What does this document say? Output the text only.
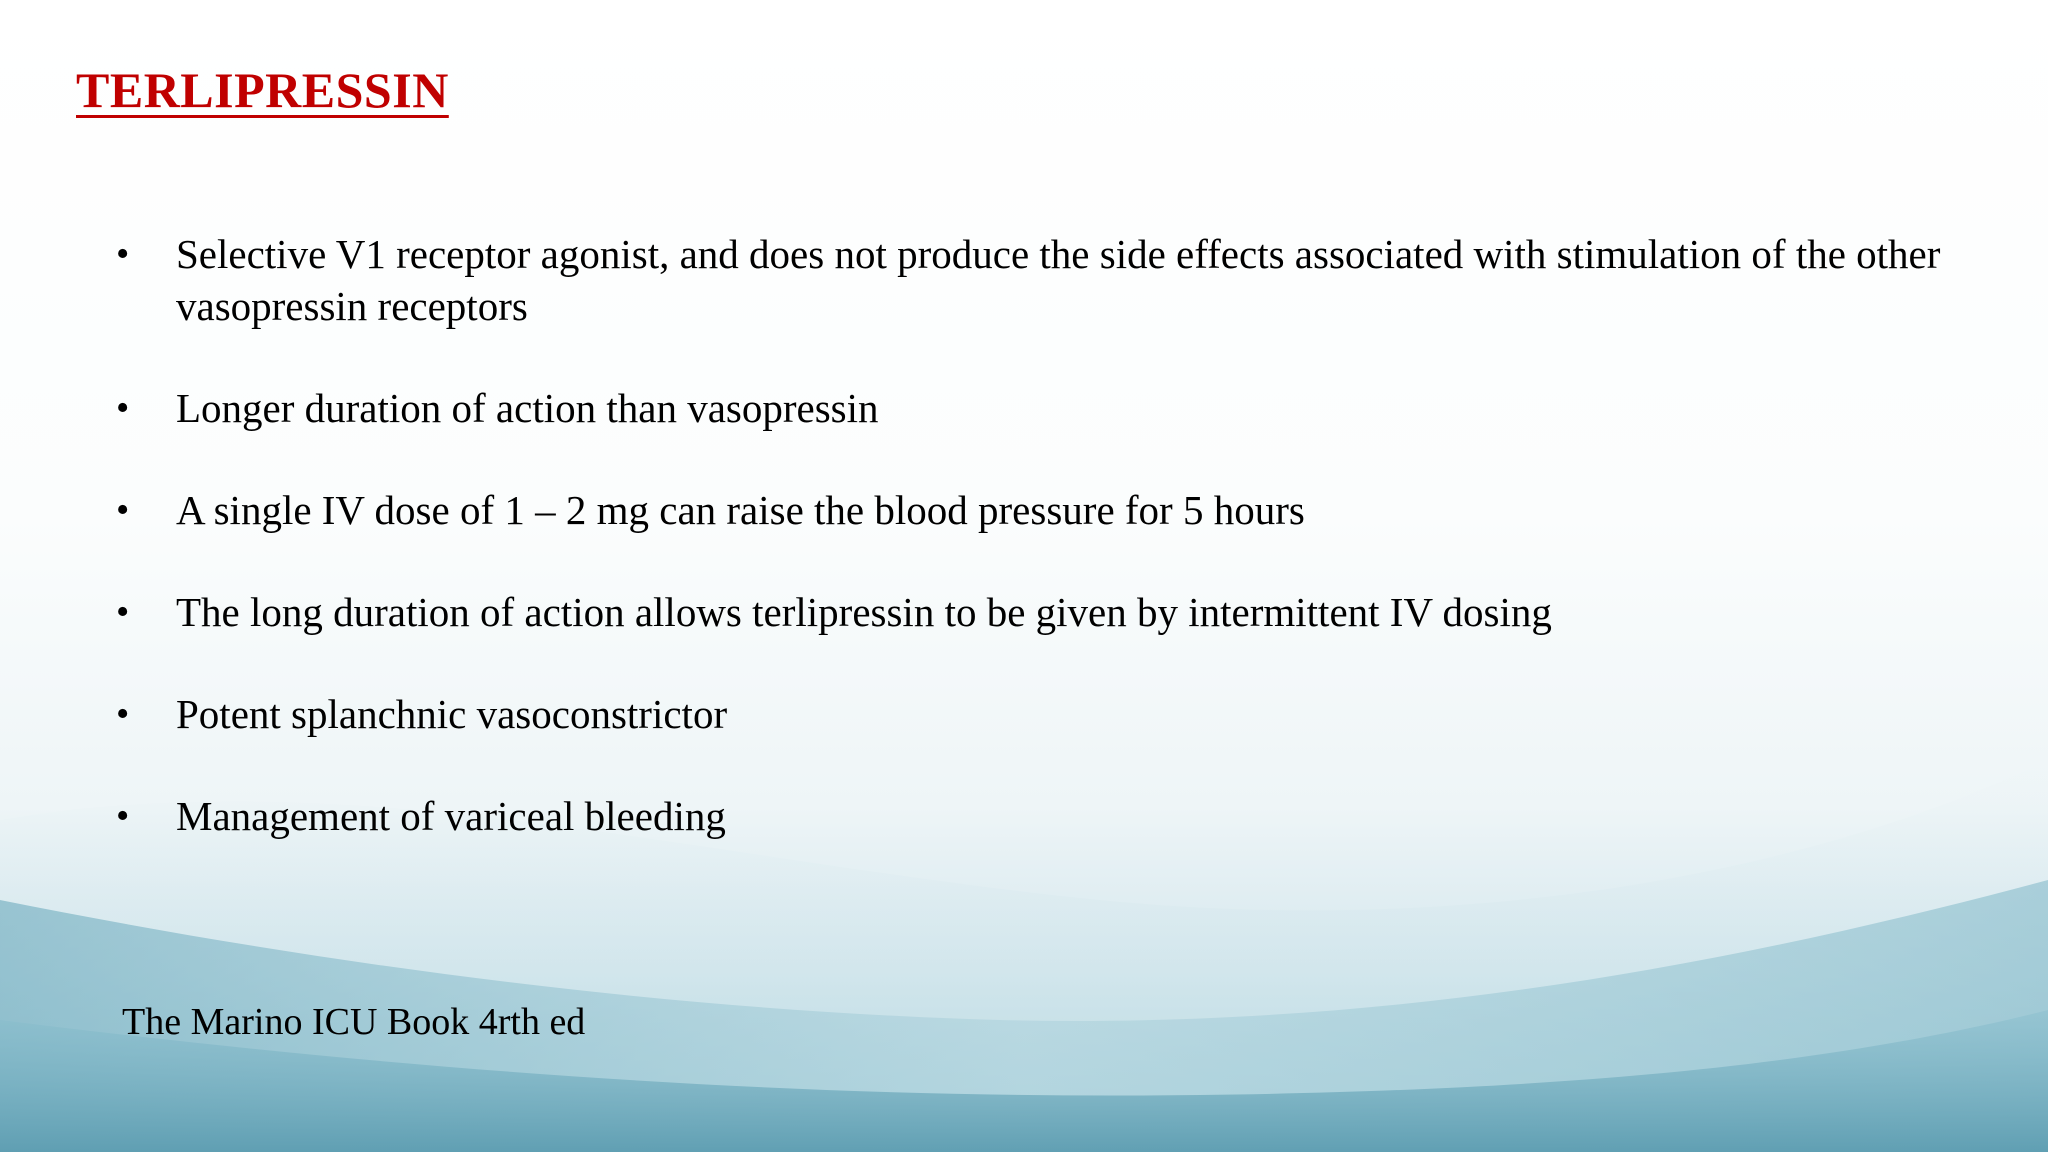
TERLIPRESSIN
• Selective V1 receptor agonist, and does not produce the side effects associated with stimulation of the other vasopressin receptors
• Longer duration of action than vasopressin
• A single IV dose of 1 – 2 mg can raise the blood pressure for 5 hours
• The long duration of action allows terlipressin to be given by intermittent IV dosing
• Potent splanchnic vasoconstrictor
• Management of variceal bleeding
The Marino ICU Book 4rth ed
